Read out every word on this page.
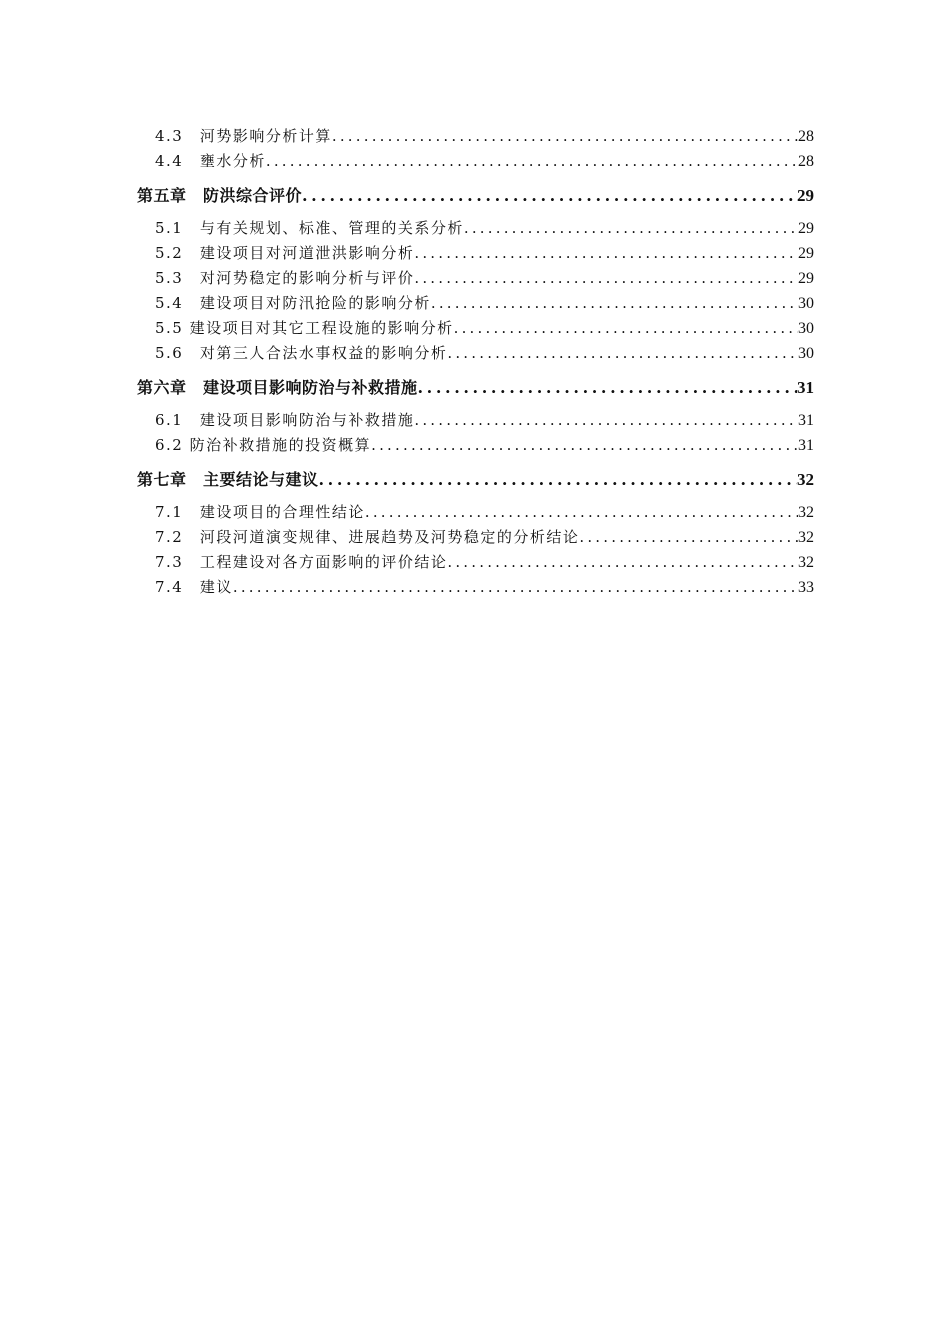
4.3　河势影响分析计算 .....	28
4.4　壅水分析 .....	28
第五章　防洪综合评价 .....	29
5.1　与有关规划、标准、管理的关系分析 .....	29
5.2　建设项目对河道泄洪影响分析 .....	29
5.3　对河势稳定的影响分析与评价 .....	29
5.4　建设项目对防汛抢险的影响分析 .....	30
5.5 建设项目对其它工程设施的影响分析 .....	30
5.6　对第三人合法水事权益的影响分析 .....	30
第六章　建设项目影响防治与补救措施 .....	31
6.1　建设项目影响防治与补救措施 .....	31
6.2 防治补救措施的投资概算 .....	31
第七章　主要结论与建议 .....	32
7.1　建设项目的合理性结论 .....	32
7.2　河段河道演变规律、进展趋势及河势稳定的分析结论 .....	32
7.3　工程建设对各方面影响的评价结论 .....	32
7.4　建议 .....	33
